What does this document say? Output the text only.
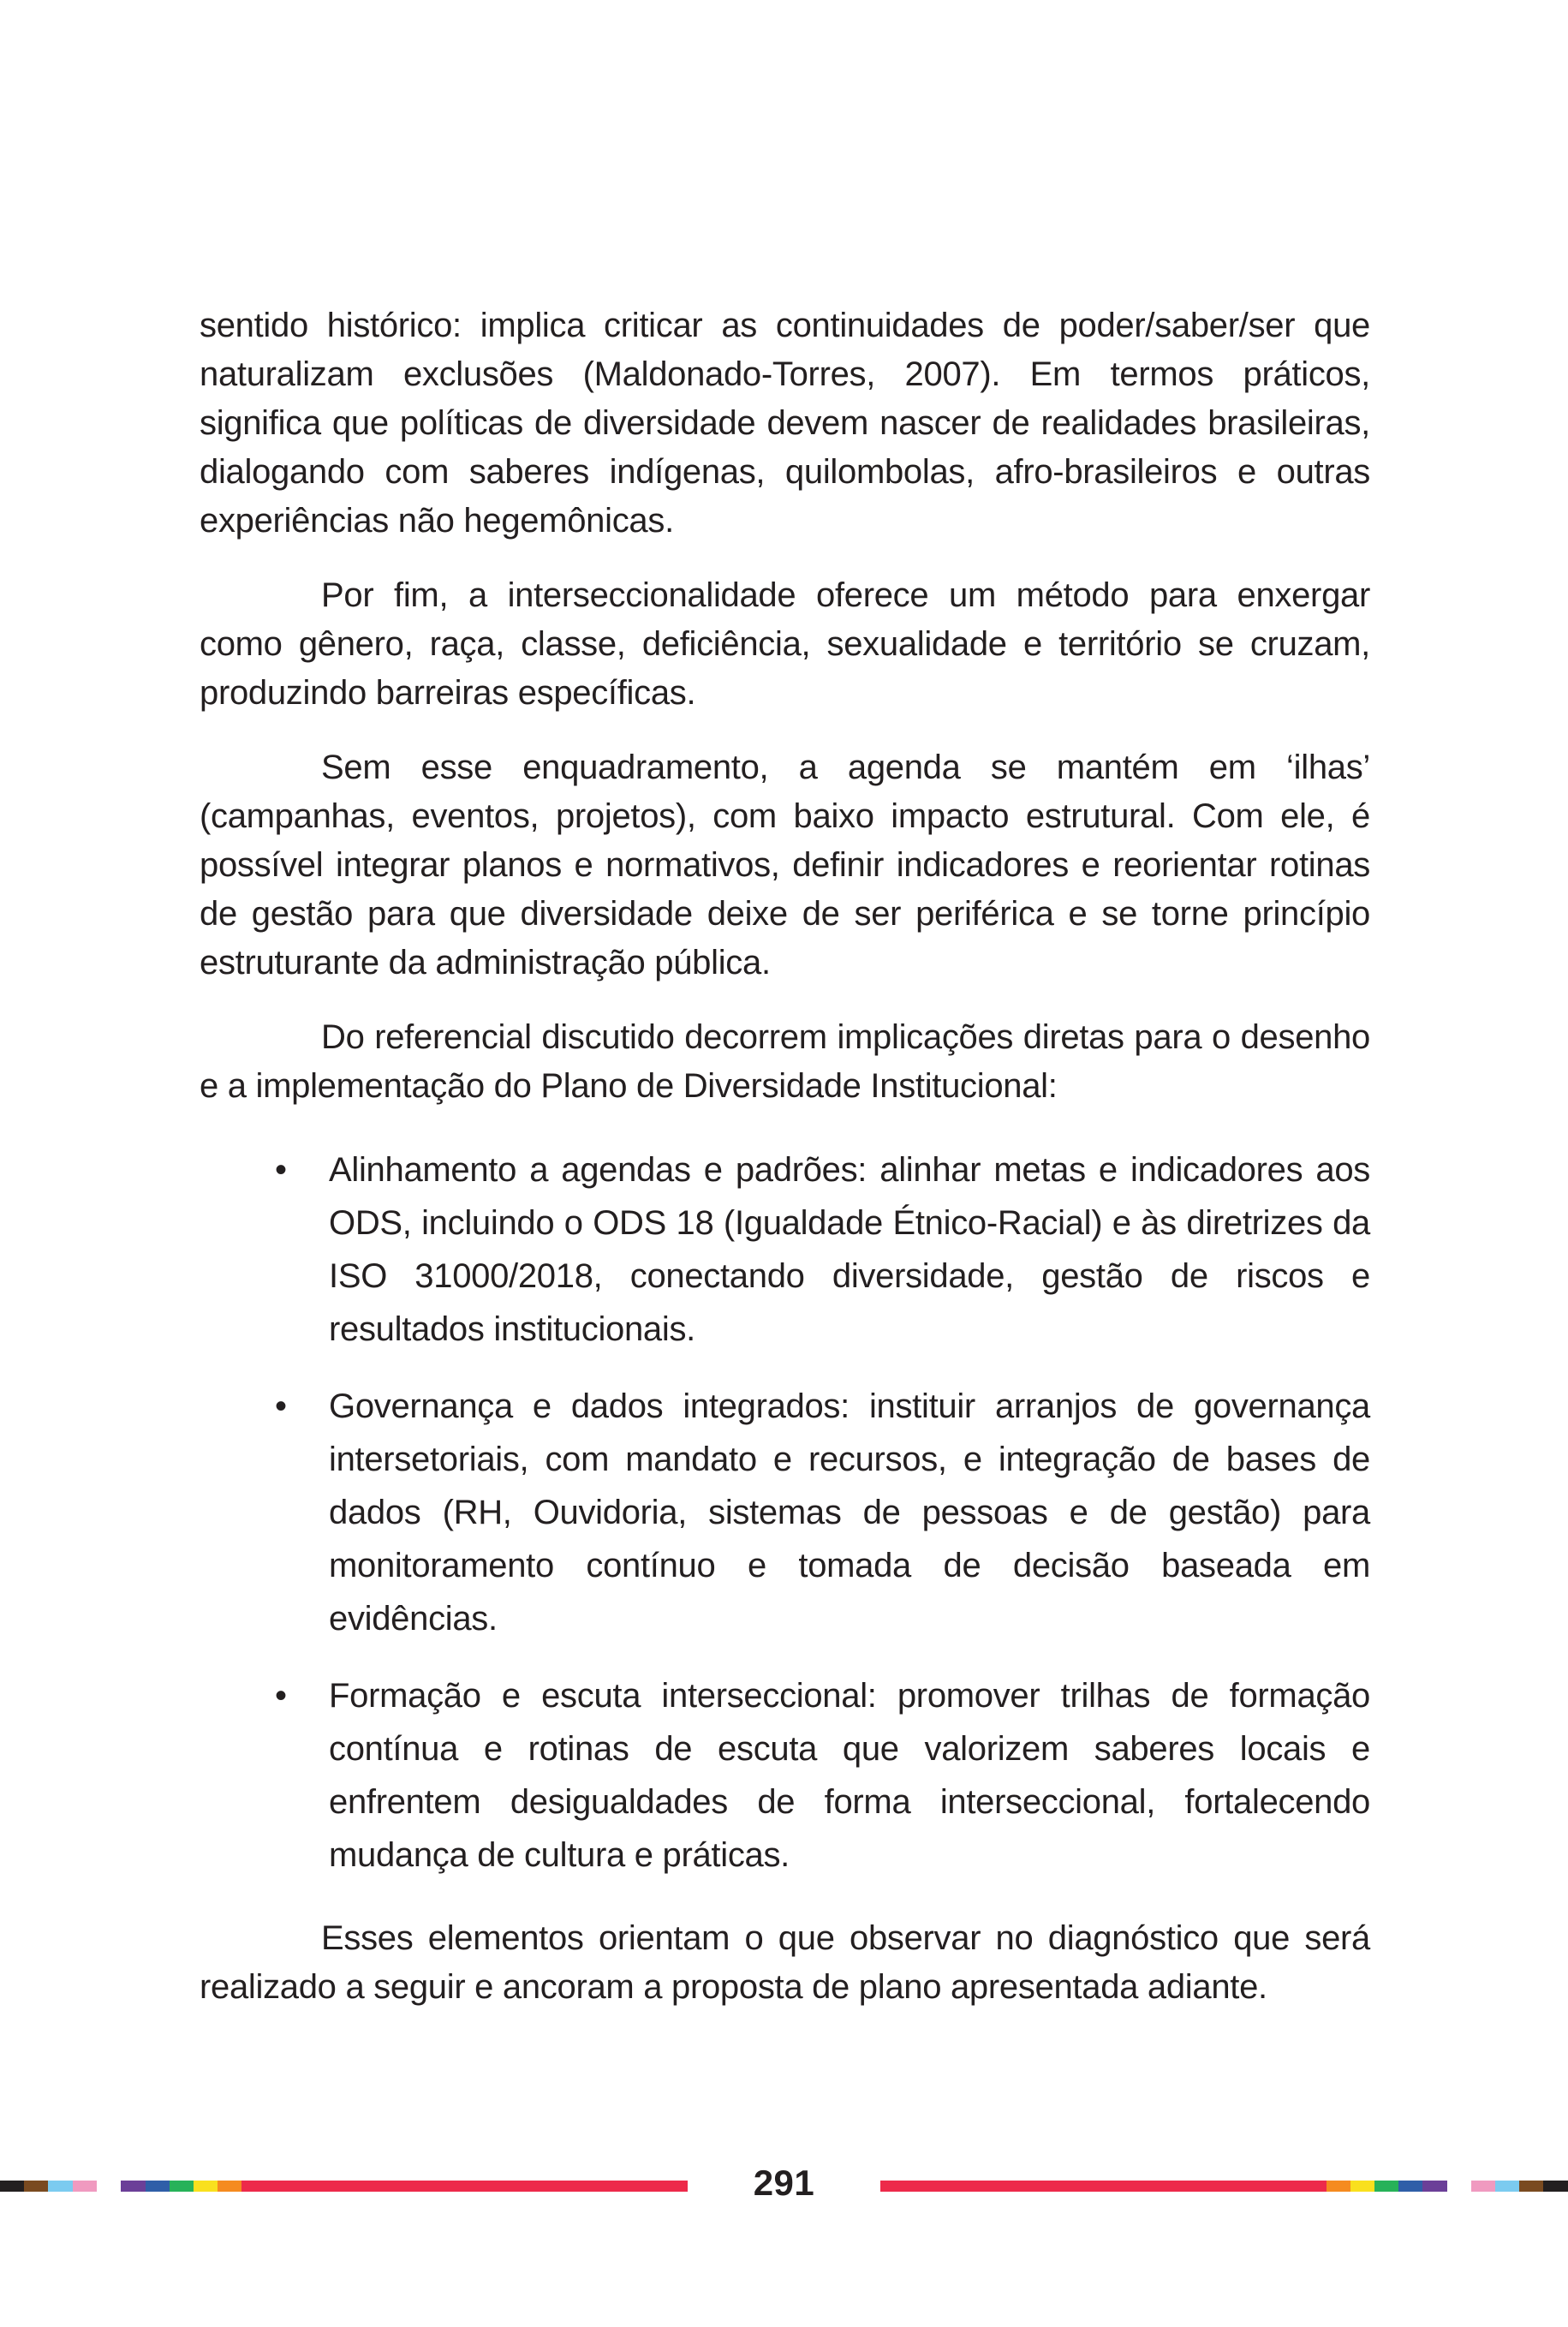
sentido histórico: implica criticar as continuidades de poder/saber/ser que naturalizam exclusões (Maldonado-Torres, 2007). Em termos práticos, significa que políticas de diversidade devem nascer de realidades brasileiras, dialogando com saberes indígenas, quilombolas, afro-brasileiros e outras experiências não hegemônicas.

Por fim, a interseccionalidade oferece um método para enxergar como gênero, raça, classe, deficiência, sexualidade e território se cruzam, produzindo barreiras específicas.

Sem esse enquadramento, a agenda se mantém em ‘ilhas’ (campanhas, eventos, projetos), com baixo impacto estrutural. Com ele, é possível integrar planos e normativos, definir indicadores e reorientar rotinas de gestão para que diversidade deixe de ser periférica e se torne princípio estruturante da administração pública.

Do referencial discutido decorrem implicações diretas para o desenho e a implementação do Plano de Diversidade Institucional:

• Alinhamento a agendas e padrões: alinhar metas e indicadores aos ODS, incluindo o ODS 18 (Igualdade Étnico-Racial) e às diretrizes da ISO 31000/2018, conectando diversidade, gestão de riscos e resultados institucionais.
• Governança e dados integrados: instituir arranjos de governança intersetoriais, com mandato e recursos, e integração de bases de dados (RH, Ouvidoria, sistemas de pessoas e de gestão) para monitoramento contínuo e tomada de decisão baseada em evidências.
• Formação e escuta interseccional: promover trilhas de formação contínua e rotinas de escuta que valorizem saberes locais e enfrentem desigualdades de forma interseccional, fortalecendo mudança de cultura e práticas.

Esses elementos orientam o que observar no diagnóstico que será realizado a seguir e ancoram a proposta de plano apresentada adiante.

291
